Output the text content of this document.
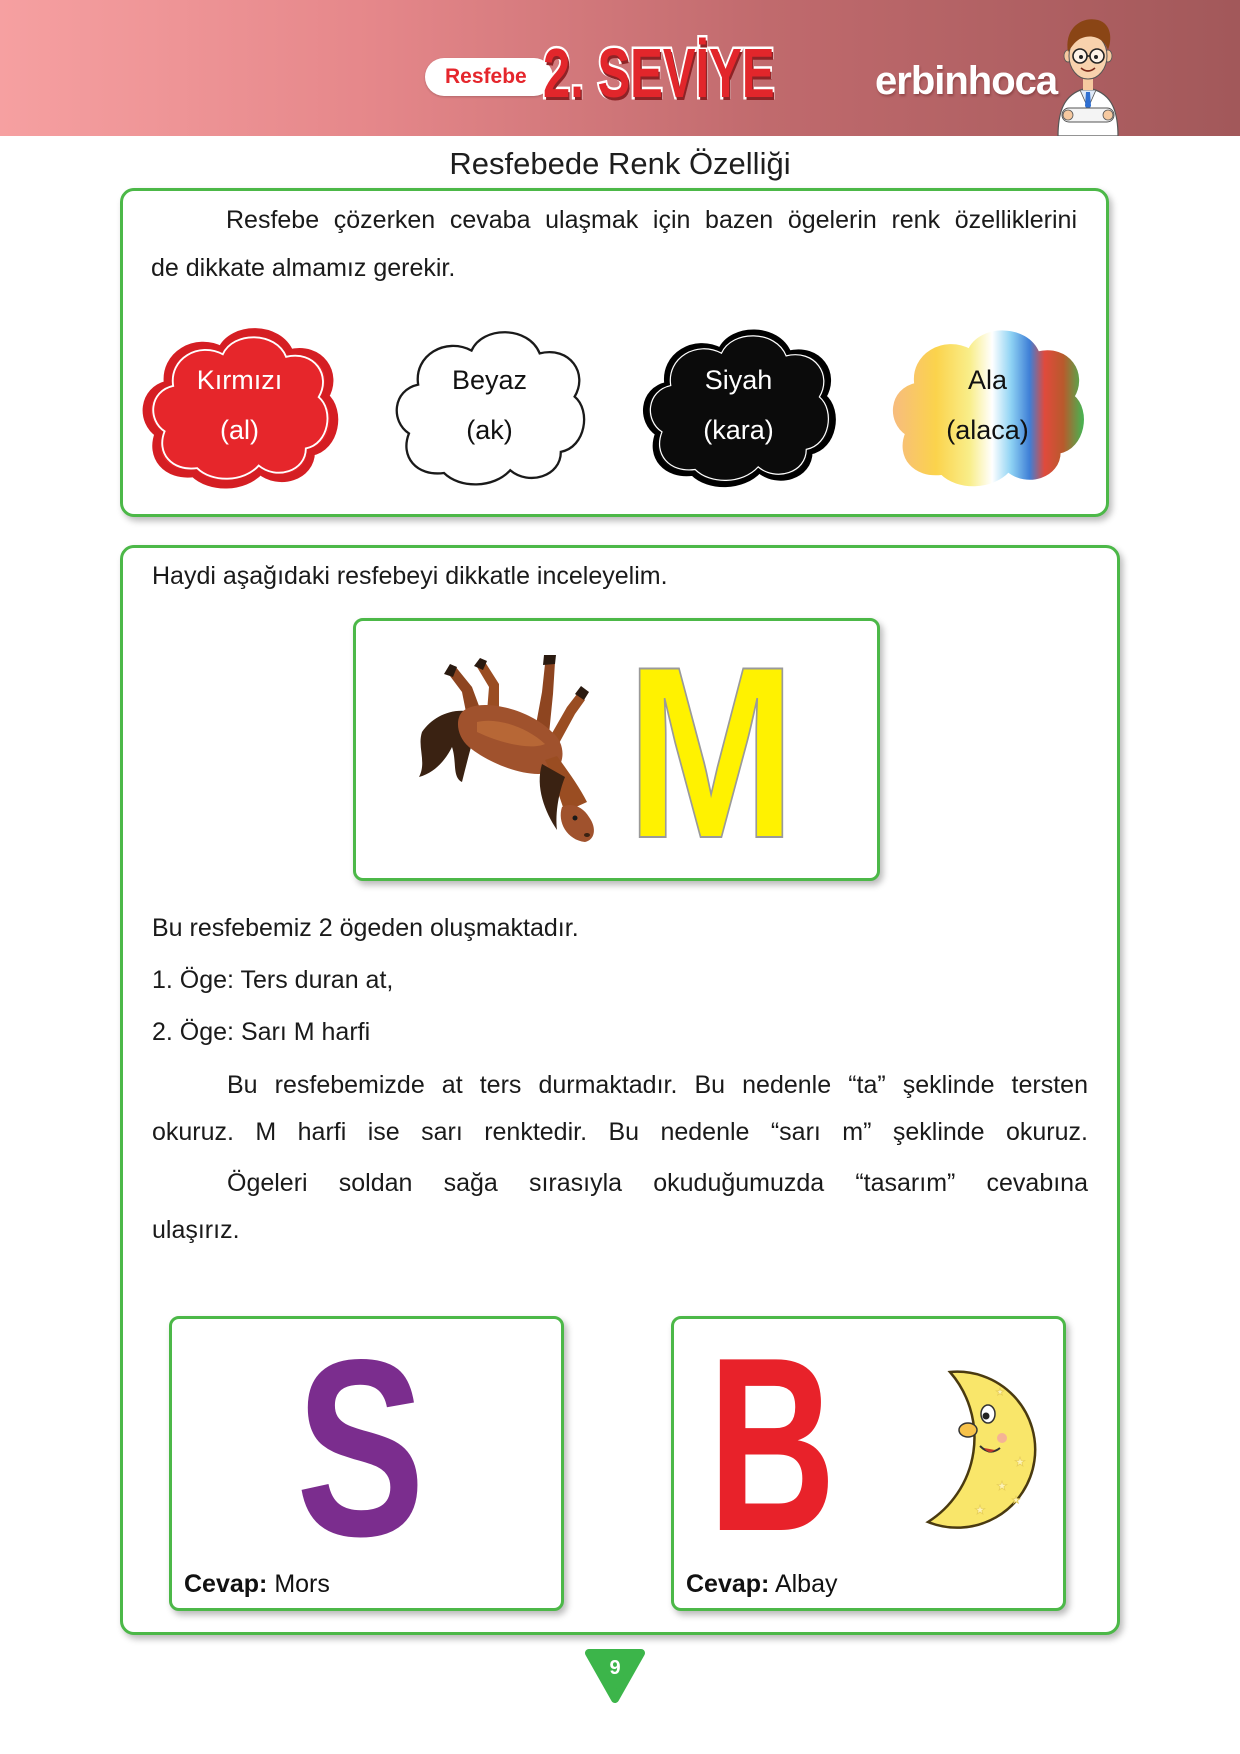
Resfebe 2. SEVİYE	erbinhoca
Resfebede Renk Özelliği
Resfebe çözerken cevaba ulaşmak için bazen ögelerin renk özelliklerini
de dikkate almamız gerekir.
Kırmızı
(al)
Beyaz
(ak)
Siyah
(kara)
Ala
(alaca)
Haydi aşağıdaki resfebeyi dikkatle inceleyelim.
M
Bu resfebemiz 2 ögeden oluşmaktadır.
1. Öge: Ters duran at,
2. Öge: Sarı M harfi
Bu resfebemizde at ters durmaktadır. Bu nedenle “ta” şeklinde tersten
okuruz. M harfi ise sarı renktedir. Bu nedenle “sarı m” şeklinde okuruz.
Ögeleri soldan sağa sırasıyla okuduğumuzda “tasarım” cevabına
ulaşırız.
S
Cevap: Mors
B
Cevap: Albay
9
